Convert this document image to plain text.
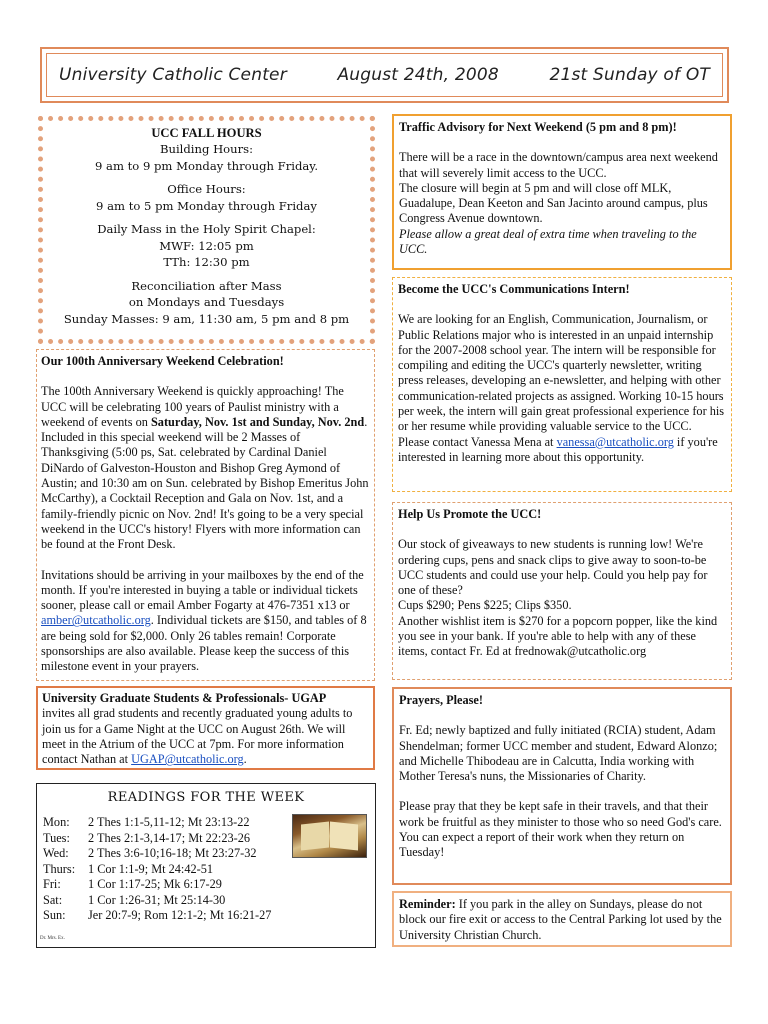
University Catholic Center	August 24th, 2008	21st Sunday of OT

UCC FALL HOURS

Building Hours:

9 am to 9 pm Monday through Friday.

Office Hours:

9 am to 5 pm Monday through Friday

Daily Mass in the Holy Spirit Chapel:

MWF: 12:05 pm

TTh: 12:30 pm

Reconciliation after Mass

on Mondays and Tuesdays

Sunday Masses: 9 am, 11:30 am, 5 pm and 8 pm

Our 100th Anniversary Weekend Celebration!

The 100th Anniversary Weekend is quickly approaching! The UCC will be celebrating 100 years of Paulist ministry with a weekend of events on Saturday, Nov. 1st and Sunday, Nov. 2nd. Included in this special weekend will be 2 Masses of Thanksgiving (5:00 ps, Sat. celebrated by Cardinal Daniel DiNardo of Galveston-Houston and Bishop Greg Aymond of Austin; and 10:30 am on Sun. celebrated by Bishop Emeritus John McCarthy), a Cocktail Reception and Gala on Nov. 1st, and a family-friendly picnic on Nov. 2nd! It's going to be a very special weekend in the UCC's history! Flyers with more information can be found at the Front Desk.

Invitations should be arriving in your mailboxes by the end of the month. If you're interested in buying a table or individual tickets sooner, please call or email Amber Fogarty at 476-7351 x13 or amber@utcatholic.org. Individual tickets are $150, and tables of 8 are being sold for $2,000. Only 26 tables remain! Corporate sponsorships are also available. Please keep the success of this milestone event in your prayers.

University Graduate Students & Professionals- UGAP

invites all grad students and recently graduated young adults to join us for a Game Night at the UCC on August 26th. We will meet in the Atrium of the UCC at 7pm. For more information contact Nathan at UGAP@utcatholic.org.

READINGS FOR THE WEEK

Mon:	2 Thes 1:1-5,11-12; Mt 23:13-22
Tues:	2 Thes 2:1-3,14-17; Mt 22:23-26
Wed:	2 Thes 3:6-10;16-18; Mt 23:27-32
Thurs:	1 Cor 1:1-9; Mt 24:42-51
Fri:	1 Cor 1:17-25; Mk 6:17-29
Sat:	1 Cor 1:26-31; Mt 25:14-30
Sun:	Jer 20:7-9; Rom 12:1-2; Mt 16:21-27
Dr. Mrs. Ex.

Traffic Advisory for Next Weekend (5 pm and 8 pm)!

There will be a race in the downtown/campus area next weekend that will severely limit access to the UCC.

The closure will begin at 5 pm and will close off MLK, Guadalupe, Dean Keeton and San Jacinto around campus, plus Congress Avenue downtown.

Please allow a great deal of extra time when traveling to the UCC.

Become the UCC's Communications Intern!

We are looking for an English, Communication, Journalism, or Public Relations major who is interested in an unpaid internship for the 2007-2008 school year. The intern will be responsible for compiling and editing the UCC's quarterly newsletter, writing press releases, developing an e-newsletter, and helping with other communication-related projects as assigned. Working 10-15 hours per week, the intern will gain great professional experience for his or her resume while providing valuable service to the UCC. Please contact Vanessa Mena at vanessa@utcatholic.org if you're interested in learning more about this opportunity.

Help Us Promote the UCC!

Our stock of giveaways to new students is running low! We're ordering cups, pens and snack clips to give away to soon-to-be UCC students and could use your help. Could you help pay for one of these?

Cups $290; Pens $225; Clips $350.

Another wishlist item is $270 for a popcorn popper, like the kind you see in your bank. If you're able to help with any of these items, contact Fr. Ed at frednowak@utcatholic.org

Prayers, Please!

Fr. Ed; newly baptized and fully initiated (RCIA) student, Adam Shendelman; former UCC member and student, Edward Alonzo; and Michelle Thibodeau are in Calcutta, India working with Mother Teresa's nuns, the Missionaries of Charity.

Please pray that they be kept safe in their travels, and that their work be fruitful as they minister to those who so need God's care. You can expect a report of their work when they return on Tuesday!

Reminder: If you park in the alley on Sundays, please do not block our fire exit or access to the Central Parking lot used by the University Christian Church.
